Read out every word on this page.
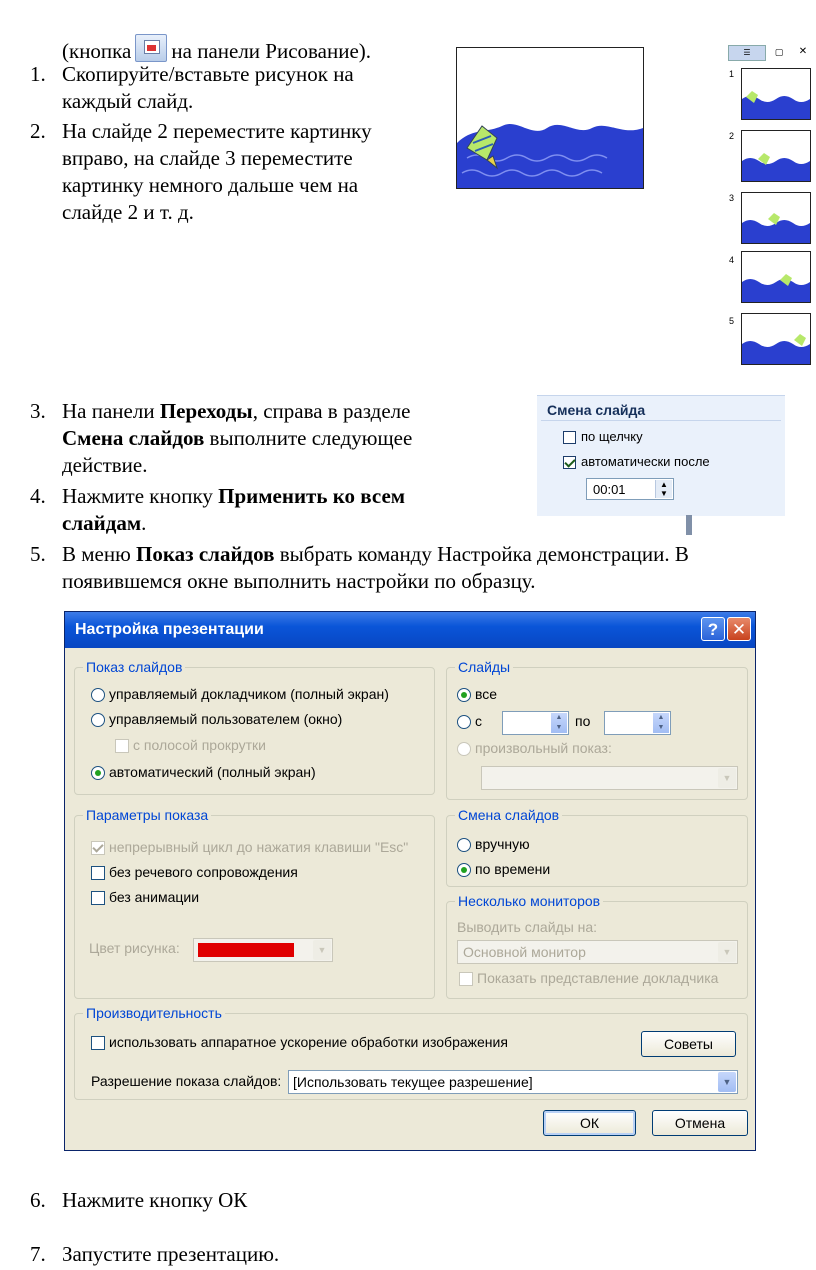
(кнопка на панели Рисование).
1. Скопируйте/вставьте рисунок на
каждый слайд.
2. На слайде 2 переместите картинку
вправо, на слайде 3 переместите
картинку немного дальше чем на
слайде 2 и т. д.
☰	▢	✕
1
2
3
4
5
3. На панели Переходы, справа в разделе
Смена слайдов выполните следующее
действие.
4. Нажмите кнопку Применить ко всем
слайдам.
Смена слайда
по щелчку
автоматически после
00:01	▲
▼
5. В меню Показ слайдов выбрать команду Настройка демонстрации. В
появившемся окне выполнить настройки по образцу.
Настройка презентации	? ✕
Показ слайдов
управляемый докладчиком (полный экран)
управляемый пользователем (окно)
с полосой прокрутки
автоматический (полный экран)
Слайды
все
с	▲
▼ по	▲
▼
произвольный показ:
▼
Параметры показа
непрерывный цикл до нажатия клавиши "Esc"
без речевого сопровождения
без анимации
Цвет рисунка:	▼
Смена слайдов
вручную
по времени
Несколько мониторов
Выводить слайды на:
Основной монитор	▼
Показать представление докладчика
Производительность
использовать аппаратное ускорение обработки изображения	Советы
Разрешение показа слайдов: [Использовать текущее разрешение]	▼
ОК	Отмена
6. Нажмите кнопку ОК
7. Запустите презентацию.
